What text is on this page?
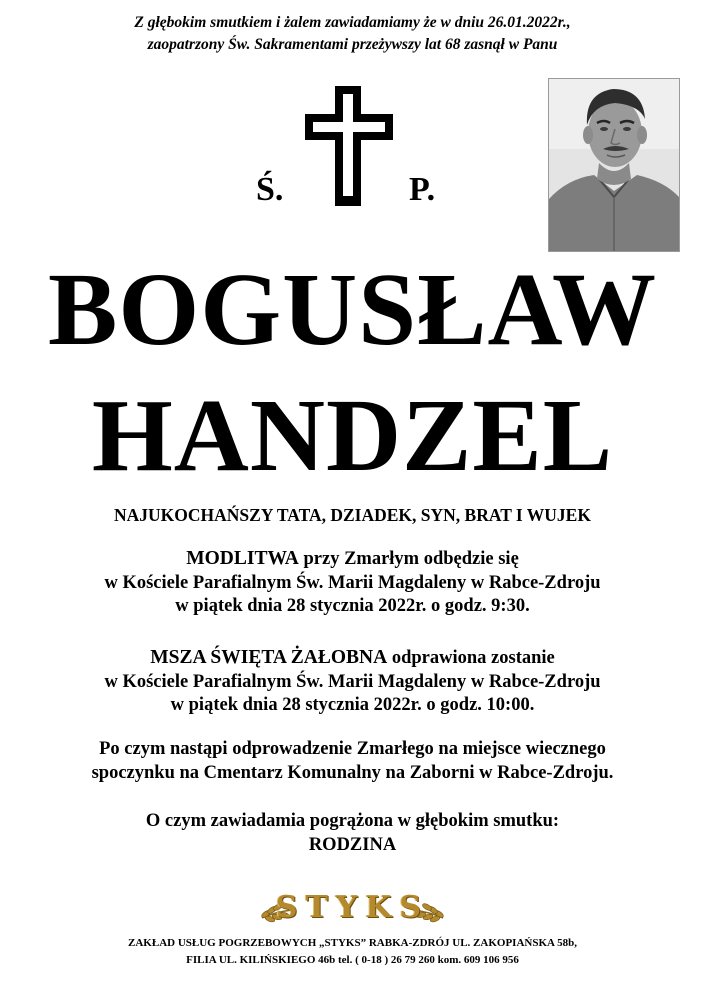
Z głębokim smutkiem i żalem zawiadamiamy że w dniu 26.01.2022r.,
zaopatrzony Św. Sakramentami przeżywszy lat 68 zasnął w Panu
Ś.	P.
BOGUSŁAW
HANDZEL
NAJUKOCHAŃSZY TATA, DZIADEK, SYN, BRAT I WUJEK
MODLITWA przy Zmarłym odbędzie się
w Kościele Parafialnym Św. Marii Magdaleny w Rabce-Zdroju
w piątek dnia 28 stycznia 2022r. o godz. 9:30.
MSZA ŚWIĘTA ŻAŁOBNA odprawiona zostanie
w Kościele Parafialnym Św. Marii Magdaleny w Rabce-Zdroju
w piątek dnia 28 stycznia 2022r. o godz. 10:00.
Po czym nastąpi odprowadzenie Zmarłego na miejsce wiecznego
spoczynku na Cmentarz Komunalny na Zaborni w Rabce-Zdroju.
O czym zawiadamia pogrążona w głębokim smutku:
RODZINA
STYKS
ZAKŁAD USŁUG POGRZEBOWYCH „STYKS” RABKA-ZDRÓJ UL. ZAKOPIAŃSKA 58b,
FILIA UL. KILIŃSKIEGO 46b tel. ( 0-18 ) 26 79 260 kom. 609 106 956
